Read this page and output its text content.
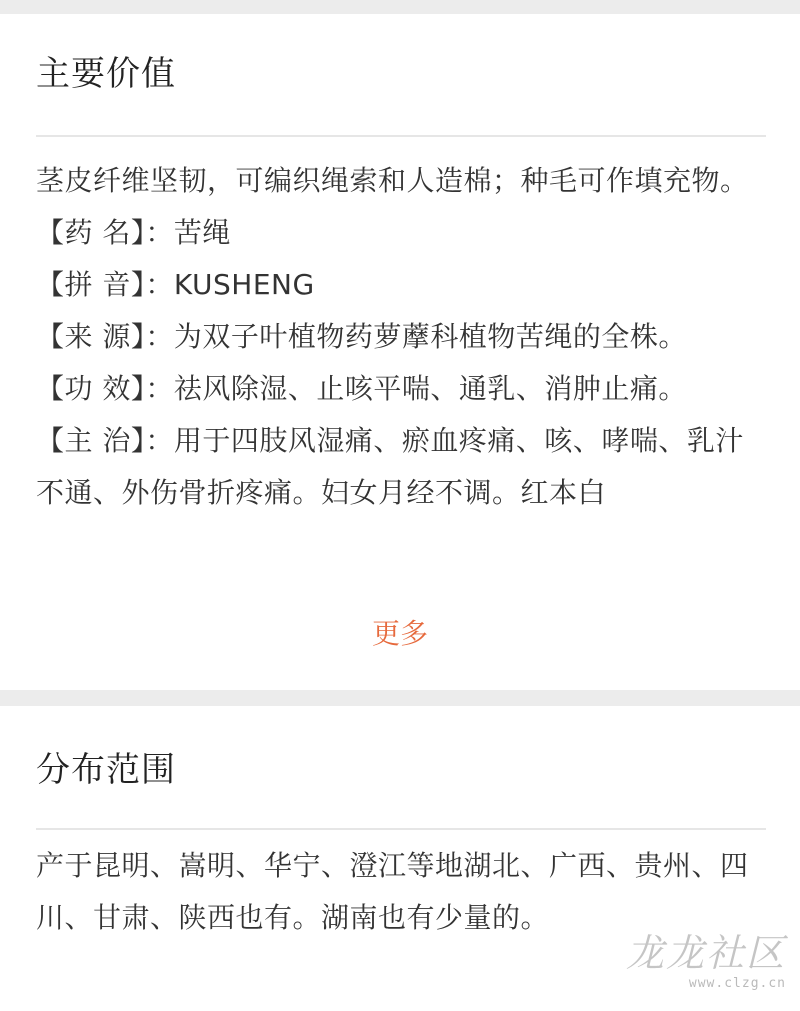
主要价值

茎皮纤维坚韧，可编织绳索和人造棉；种毛可作填充物。

【药 名】：苦绳

【拼 音】：KUSHENG

【来 源】：为双子叶植物药萝藦科植物苦绳的全株。

【功 效】：祛风除湿、止咳平喘、通乳、消肿止痛。

【主 治】：用于四肢风湿痛、瘀血疼痛、咳、哮喘、乳汁不通、外伤骨折疼痛。妇女月经不调。红本白

更多
分布范围

产于昆明、嵩明、华宁、澄江等地湖北、广西、贵州、四川、甘肃、陕西也有。湖南也有少量的。

龙龙社区
www.clzg.cn
